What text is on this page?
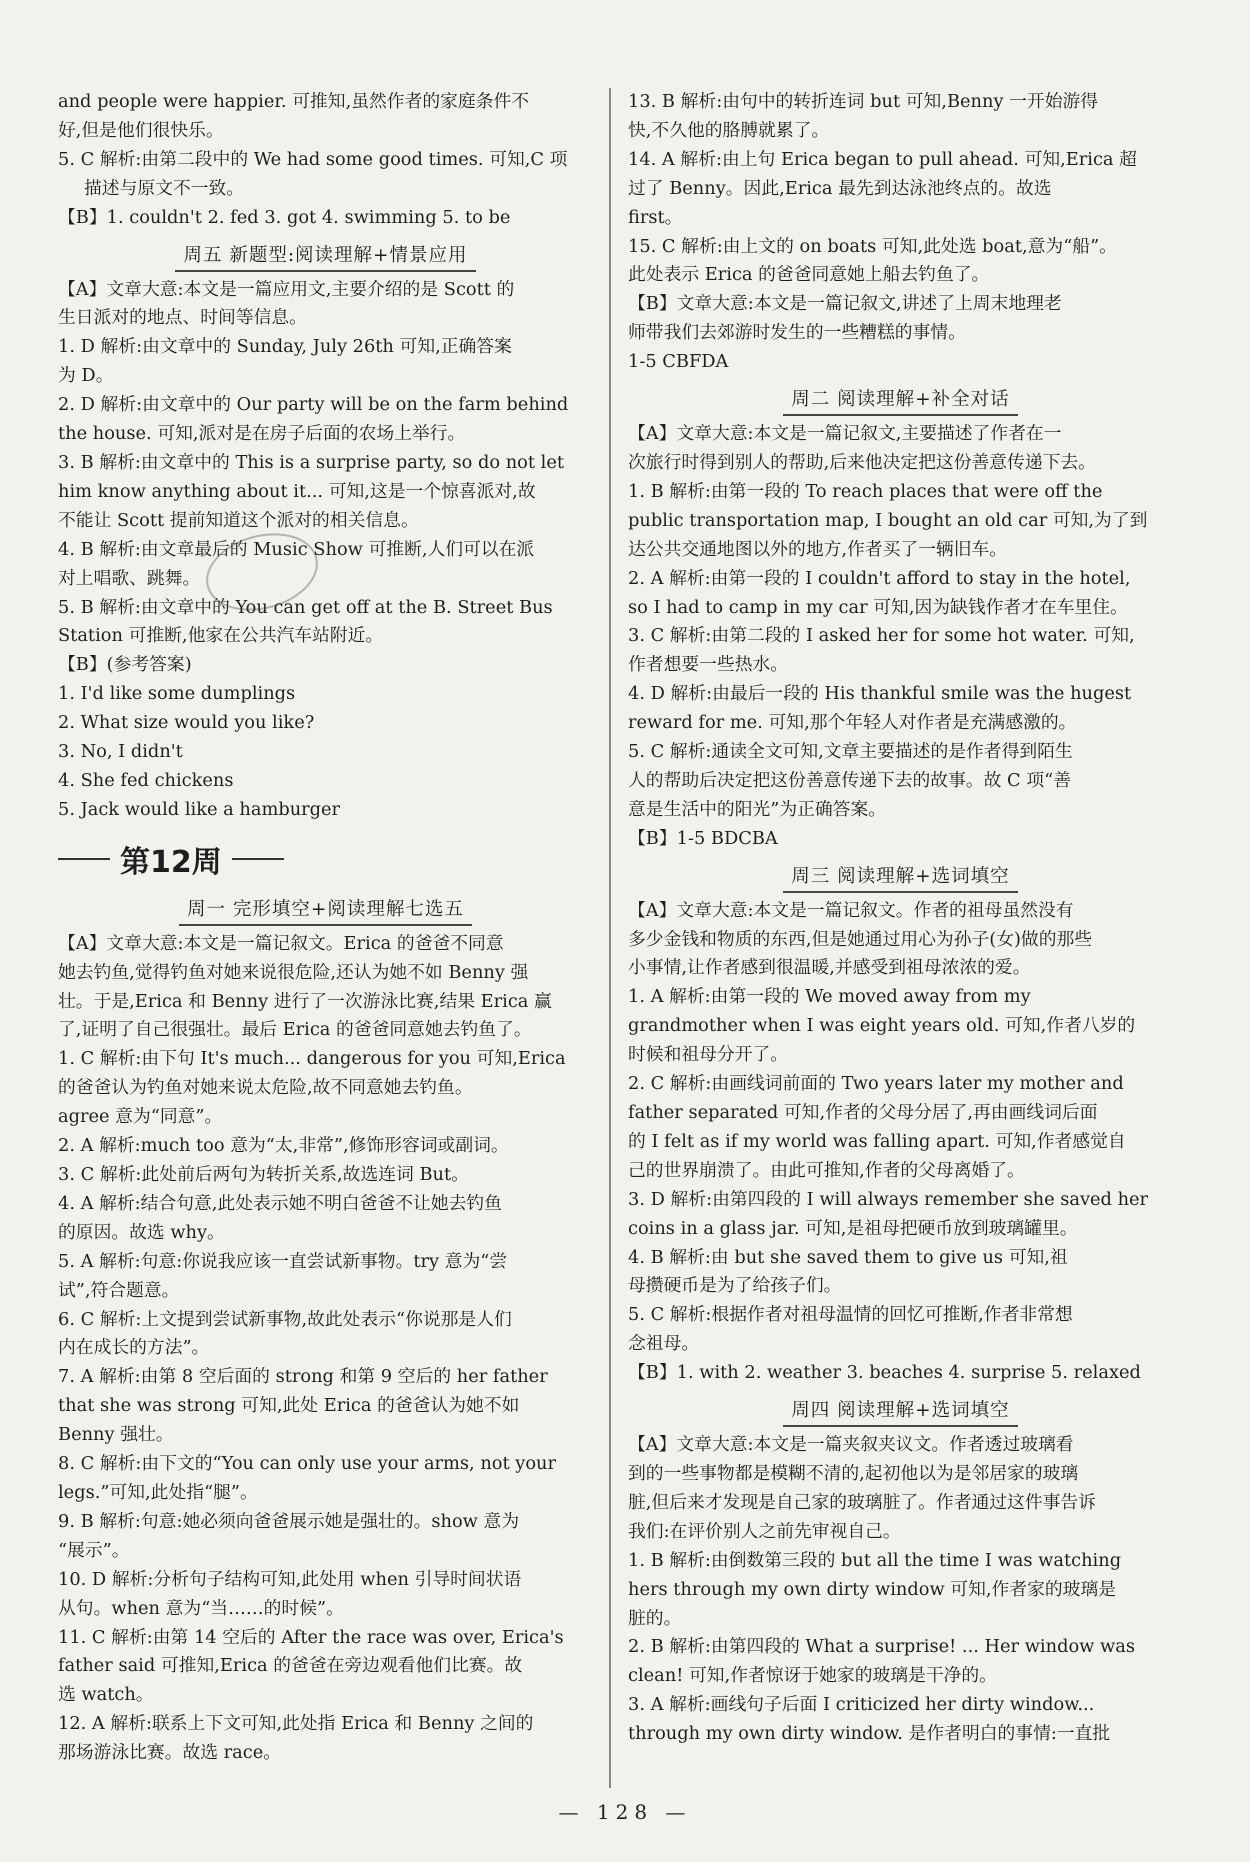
and people were happier. 可推知,虽然作者的家庭条件不
好,但是他们很快乐。
5. C 解析:由第二段中的 We had some good times. 可知,C 项
描述与原文不一致。
【B】1. couldn't 2. fed 3. got 4. swimming 5. to be
周五 新题型:阅读理解+情景应用
【A】文章大意:本文是一篇应用文,主要介绍的是 Scott 的
生日派对的地点、时间等信息。
1. D 解析:由文章中的 Sunday, July 26th 可知,正确答案
为 D。
2. D 解析:由文章中的 Our party will be on the farm behind
the house. 可知,派对是在房子后面的农场上举行。
3. B 解析:由文章中的 This is a surprise party, so do not let
him know anything about it... 可知,这是一个惊喜派对,故
不能让 Scott 提前知道这个派对的相关信息。
4. B 解析:由文章最后的 Music Show 可推断,人们可以在派
对上唱歌、跳舞。
5. B 解析:由文章中的 You can get off at the B. Street Bus
Station 可推断,他家在公共汽车站附近。
【B】(参考答案)
1. I'd like some dumplings
2. What size would you like?
3. No, I didn't
4. She fed chickens
5. Jack would like a hamburger
第12周
周一 完形填空+阅读理解七选五
【A】文章大意:本文是一篇记叙文。Erica 的爸爸不同意
她去钓鱼,觉得钓鱼对她来说很危险,还认为她不如 Benny 强
壮。于是,Erica 和 Benny 进行了一次游泳比赛,结果 Erica 赢
了,证明了自己很强壮。最后 Erica 的爸爸同意她去钓鱼了。
1. C 解析:由下句 It's much... dangerous for you 可知,Erica
的爸爸认为钓鱼对她来说太危险,故不同意她去钓鱼。
agree 意为“同意”。
2. A 解析:much too 意为“太,非常”,修饰形容词或副词。
3. C 解析:此处前后两句为转折关系,故选连词 But。
4. A 解析:结合句意,此处表示她不明白爸爸不让她去钓鱼
的原因。故选 why。
5. A 解析:句意:你说我应该一直尝试新事物。try 意为“尝
试”,符合题意。
6. C 解析:上文提到尝试新事物,故此处表示“你说那是人们
内在成长的方法”。
7. A 解析:由第 8 空后面的 strong 和第 9 空后的 her father
that she was strong 可知,此处 Erica 的爸爸认为她不如
Benny 强壮。
8. C 解析:由下文的“You can only use your arms, not your
legs.”可知,此处指“腿”。
9. B 解析:句意:她必须向爸爸展示她是强壮的。show 意为
“展示”。
10. D 解析:分析句子结构可知,此处用 when 引导时间状语
从句。when 意为“当……的时候”。
11. C 解析:由第 14 空后的 After the race was over, Erica's
father said 可推知,Erica 的爸爸在旁边观看他们比赛。故
选 watch。
12. A 解析:联系上下文可知,此处指 Erica 和 Benny 之间的
那场游泳比赛。故选 race。
13. B 解析:由句中的转折连词 but 可知,Benny 一开始游得
快,不久他的胳膊就累了。
14. A 解析:由上句 Erica began to pull ahead. 可知,Erica 超
过了 Benny。因此,Erica 最先到达泳池终点的。故选
first。
15. C 解析:由上文的 on boats 可知,此处选 boat,意为“船”。
此处表示 Erica 的爸爸同意她上船去钓鱼了。
【B】文章大意:本文是一篇记叙文,讲述了上周末地理老
师带我们去郊游时发生的一些糟糕的事情。
1-5 CBFDA
周二 阅读理解+补全对话
【A】文章大意:本文是一篇记叙文,主要描述了作者在一
次旅行时得到别人的帮助,后来他决定把这份善意传递下去。
1. B 解析:由第一段的 To reach places that were off the
public transportation map, I bought an old car 可知,为了到
达公共交通地图以外的地方,作者买了一辆旧车。
2. A 解析:由第一段的 I couldn't afford to stay in the hotel,
so I had to camp in my car 可知,因为缺钱作者才在车里住。
3. C 解析:由第二段的 I asked her for some hot water. 可知,
作者想要一些热水。
4. D 解析:由最后一段的 His thankful smile was the hugest
reward for me. 可知,那个年轻人对作者是充满感激的。
5. C 解析:通读全文可知,文章主要描述的是作者得到陌生
人的帮助后决定把这份善意传递下去的故事。故 C 项“善
意是生活中的阳光”为正确答案。
【B】1-5 BDCBA
周三 阅读理解+选词填空
【A】文章大意:本文是一篇记叙文。作者的祖母虽然没有
多少金钱和物质的东西,但是她通过用心为孙子(女)做的那些
小事情,让作者感到很温暖,并感受到祖母浓浓的爱。
1. A 解析:由第一段的 We moved away from my
grandmother when I was eight years old. 可知,作者八岁的
时候和祖母分开了。
2. C 解析:由画线词前面的 Two years later my mother and
father separated 可知,作者的父母分居了,再由画线词后面
的 I felt as if my world was falling apart. 可知,作者感觉自
己的世界崩溃了。由此可推知,作者的父母离婚了。
3. D 解析:由第四段的 I will always remember she saved her
coins in a glass jar. 可知,是祖母把硬币放到玻璃罐里。
4. B 解析:由 but she saved them to give us 可知,祖
母攒硬币是为了给孩子们。
5. C 解析:根据作者对祖母温情的回忆可推断,作者非常想
念祖母。
【B】1. with 2. weather 3. beaches 4. surprise 5. relaxed
周四 阅读理解+选词填空
【A】文章大意:本文是一篇夹叙夹议文。作者透过玻璃看
到的一些事物都是模糊不清的,起初他以为是邻居家的玻璃
脏,但后来才发现是自己家的玻璃脏了。作者通过这件事告诉
我们:在评价别人之前先审视自己。
1. B 解析:由倒数第三段的 but all the time I was watching
hers through my own dirty window 可知,作者家的玻璃是
脏的。
2. B 解析:由第四段的 What a surprise! ... Her window was
clean! 可知,作者惊讶于她家的玻璃是干净的。
3. A 解析:画线句子后面 I criticized her dirty window...
through my own dirty window. 是作者明白的事情:一直批
— 128 —
